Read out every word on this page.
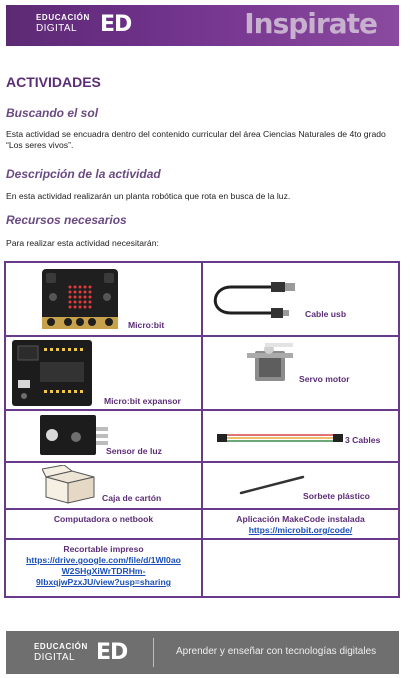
EDUCACIÓN
DIGITAL	ED	Inspirate
ACTIVIDADES
Buscando el sol
Esta actividad se encuadra dentro del contenido curricular del área Ciencias Naturales de 4to grado “Los seres vivos”.
Descripción de la actividad
En esta actividad realizarán un planta robótica que rota en busca de la luz.
Recursos necesarios
Para realizar esta actividad necesitarán:
Micro:bit	Cable usb

Micro:bit expansor	Servo motor

Sensor de luz	3 Cables

Caja de cartón	Sorbete plástico

Computadora o netbook	Aplicación MakeCode instalada
https://microbit.org/code/

Recortable impreso
https://drive.google.com/file/d/1WI0ao
W2SHgXiWrTDRHm-
9IbxqjwPzxJU/view?usp=sharing	

EDUCACIÓN
DIGITAL ED	Aprender y enseñar con tecnologías digitales
